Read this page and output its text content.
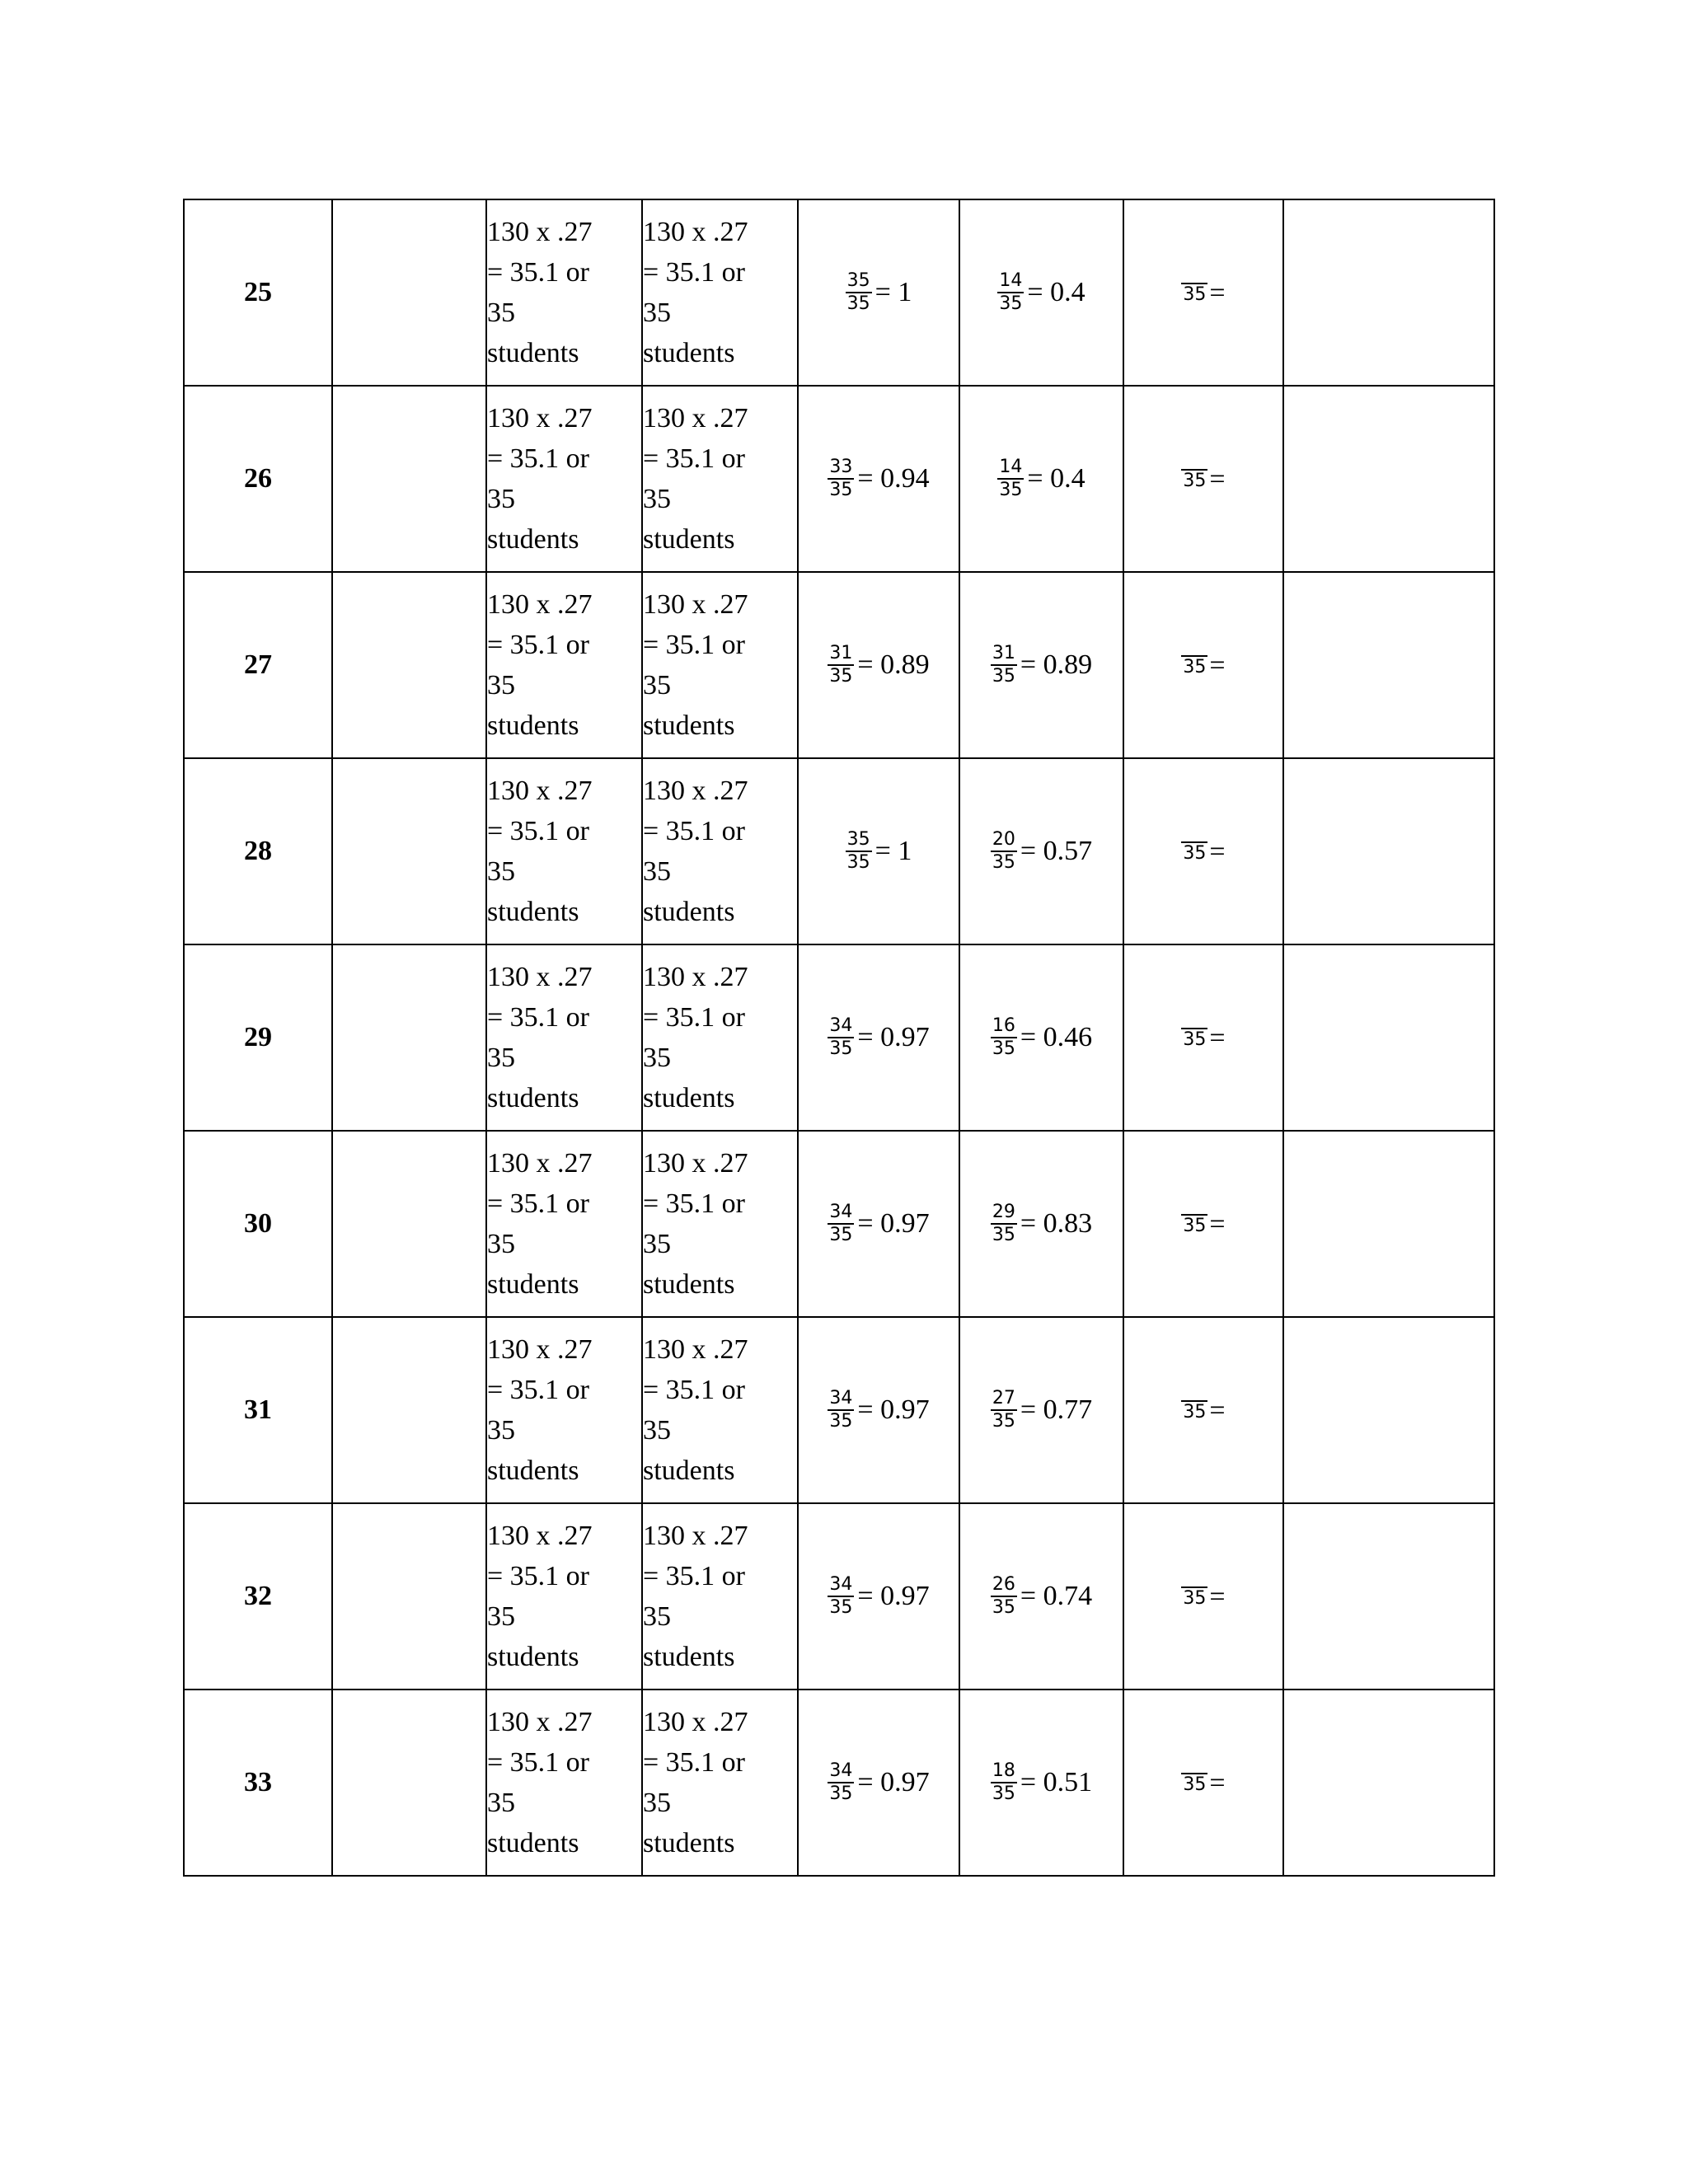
25		130 x .27
= 35.1 or
35
students	130 x .27
= 35.1 or
35
students	$\frac{35}{35} = 1$	$\frac{14}{35} = 0.4$	35 =	
26		130 x .27
= 35.1 or
35
students	130 x .27
= 35.1 or
35
students	$\frac{33}{35} = 0.94$	$\frac{14}{35} = 0.4$	35 =	
27		130 x .27
= 35.1 or
35
students	130 x .27
= 35.1 or
35
students	$\frac{31}{35} = 0.89$	$\frac{31}{35} = 0.89$	35 =	
28		130 x .27
= 35.1 or
35
students	130 x .27
= 35.1 or
35
students	$\frac{35}{35} = 1$	$\frac{20}{35} = 0.57$	35 =	
29		130 x .27
= 35.1 or
35
students	130 x .27
= 35.1 or
35
students	$\frac{34}{35} = 0.97$	$\frac{16}{35} = 0.46$	35 =	
30		130 x .27
= 35.1 or
35
students	130 x .27
= 35.1 or
35
students	$\frac{34}{35} = 0.97$	$\frac{29}{35} = 0.83$	35 =	
31		130 x .27
= 35.1 or
35
students	130 x .27
= 35.1 or
35
students	$\frac{34}{35} = 0.97$	$\frac{27}{35} = 0.77$	35 =	
32		130 x .27
= 35.1 or
35
students	130 x .27
= 35.1 or
35
students	$\frac{34}{35} = 0.97$	$\frac{26}{35} = 0.74$	35 =	
33		130 x .27
= 35.1 or
35
students	130 x .27
= 35.1 or
35
students	$\frac{34}{35} = 0.97$	$\frac{18}{35} = 0.51$	35 =	
